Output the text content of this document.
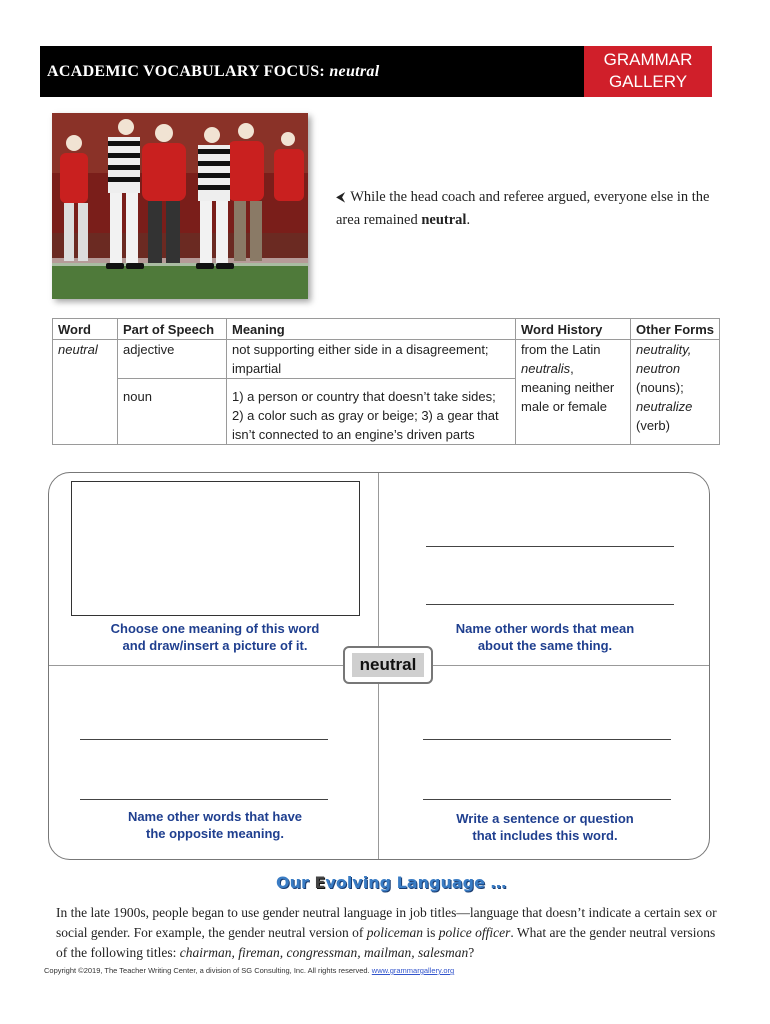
ACADEMIC VOCABULARY FOCUS: neutral
GRAMMAR
GALLERY
⮜ While the head coach and referee argued, everyone else in the area remained neutral.
Word	Part of Speech	Meaning	Word History	Other Forms
neutral	adjective	not supporting either side in a disagreement; impartial	from the Latin neutralis, meaning neither male or female	neutrality, neutron (nouns); neutralize (verb)
	noun	1) a person or country that doesn’t take sides; 2) a color such as gray or beige; 3) a gear that isn’t connected to an engine’s driven parts		
Choose one meaning of this word
and draw/insert a picture of it.
Name other words that mean
about the same thing.
Name other words that have
the opposite meaning.
Write a sentence or question
that includes this word.
neutral
Our Evolving Language …
In the late 1900s, people began to use gender neutral language in job titles—language that doesn’t indicate a certain sex or social gender. For example, the gender neutral version of policeman is police officer. What are the gender neutral versions of the following titles: chairman, fireman, congressman, mailman, salesman?
Copyright ©2019, The Teacher Writing Center, a division of SG Consulting, Inc. All rights reserved. www.grammargallery.org
